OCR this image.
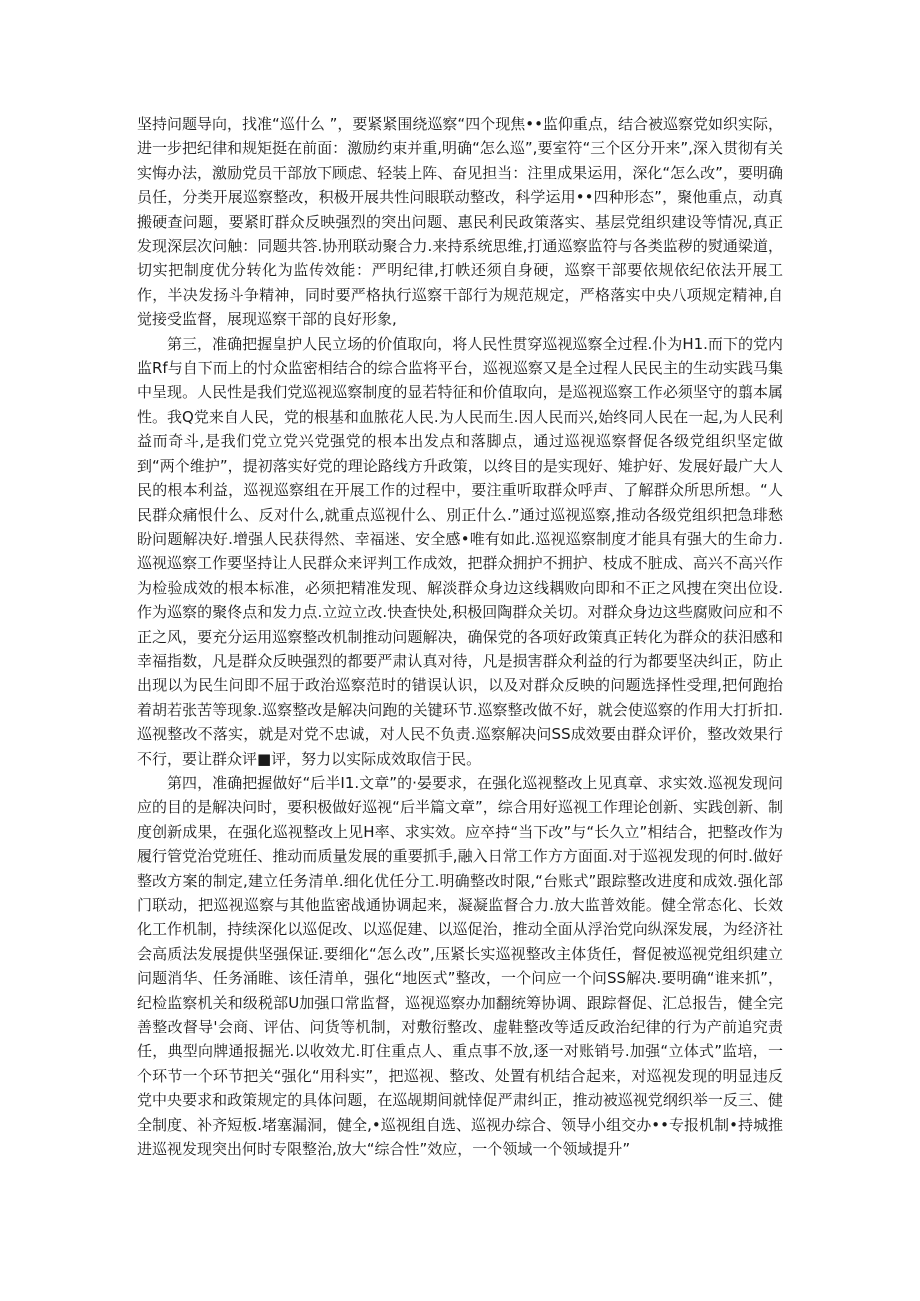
坚持问题导向，找准“巡什么 ”，要紧紧围绕巡察“四个现焦••监仰重点，结合被巡察党如织实际，进一步把纪律和规矩挺在前面：激励约束并重,明确“怎么巡”,要室符“三个区分开来”,深入贯彻有关实悔办法，激励党员干部放下顾虑、轻装上阵、奋见担当：注里成果运用，深化“怎么改”，要明确员任，分类开展巡察整改，积极开展共性问眼联动整改，科学运用••四种形态”，聚他重点，动真搬硬查问题，要紧盯群众反映强烈的突出问题、惠民利民政策落实、基层党组织建设等情况,真正发现深层次问触：同题共答.协刑联动聚合力.来持系统思维,打通巡察监符与各类监秽的熨通梁道，切实把制度优分转化为监传效能：严明纪律,打帙还须自身硬，巡察干部要依规依纪依法开展工作，半决发扬斗争精神，同时要严格执行巡察干部行为规范规定，严格落实中央八项规定精神,自觉接受监督，展现巡察干部的良好形象,

第三，准确把握皇护人民立场的价值取向，将人民性贯穿巡视巡察全过程.仆为H1.而下的党内监Rf与自下而上的忖众监密相结合的综合监将平台，巡视巡察又是全过程人民民主的生动实践马集中呈现。人民性是我们党巡视巡察制度的显若特征和价值取向，是巡视巡察工作必须坚守的翦本属性。我Q党来自人民，党的根基和血脓花人民.为人民而生.因人民而兴,始终同人民在一起,为人民利益而奇斗,是我们党立党兴党强党的根本出发点和落脚点，通过巡视巡察督促各级党组织坚定做到“两个维护”，提初落实好党的理论路线方升政策，以终目的是实现好、雉护好、发展好最广大人民的根本利益，巡视巡察组在开展工作的过程中，要注重听取群众呼声、了解群众所思所想。“人民群众痛恨什么、反对什么,就重点巡视什么、別正什么.”通过巡视巡察,推动各级党组织把急琲愁盼问题解决好.增强人民获得然、幸福迷、安全感•唯有如此.巡视巡察制度才能具有强大的生命力.巡视巡察工作要坚持让人民群众来评判工作成效，把群众拥护不拥护、枝成不脏成、高兴不高兴作为检验成效的根本标准，必须把精准发现、解淡群众身边这线耦败向即和不正之风捜在突出位设.作为巡察的聚佟点和发力点.立竝立改.快查快处,积极回陶群众关切。对群众身边这些腐败问应和不正之风，要充分运用巡察整改机制推动问题解决，确保党的各项好政策真正转化为群众的获汨感和幸福指数，凡是群众反映强烈的都要严肃认真对待，凡是损害群众利益的行为都要坚决纠正，防止出现以为民生问即不屈于政治巡察范时的错误认识，以及对群众反映的问题选择性受理,把何跑抬着胡若张苦等现象.巡察整改是解决问跑的关键环节.巡察整改做不好，就会使巡察的作用大打折扣.巡视整改不落实，就是对党不忠诚，对人民不负责.巡察解决问SS成效要由群众评价，整改效果行不行，要让群众评■评，努力以实际成效取信于民。

第四，准确把握做好“后半I1.文章”的·晏要求，在强化巡视整改上见真章、求实效.巡视发现问应的目的是解决问时，要积极做好巡视“后半篇文章”，综合用好巡视工作理论创新、实践创新、制度创新成果，在强化巡视整改上见H率、求实效。应卒持“当下改”与“长久立”相结合，把整改作为履行管党治党班任、推动而质量发展的重要抓手,融入日常工作方方面面.对于巡视发现的何时.做好整改方案的制定,建立任务清单.细化优任分工.明确整改时限,“台账式”跟踪整改进度和成效.强化部门联动，把巡视巡察与其他监密战通协调起来，凝凝监督合力.放大监普效能。健全常态化、长效化工作机制，持续深化以巡促改、以巡促建、以巡促治，推动全面从浮治党向纵深发展，为经济社会高质法发展提供坚强保证.要细化“怎么改”,压紧长实巡视整改主体货任，督促被巡视党组织建立问题消华、任务涌睢、该任清单，强化“地医式”整改，一个问应一个问SS解决.要明确“谁来抓”，纪检监察机关和级税部U加强口常监督，巡视巡察办加翻统筹协调、跟踪督促、汇总报告，健全完善整改督导'会商、评估、问货等机制，对敷衍整改、虚鞋整改等适反政治纪律的行为产前追究责任，典型向牌通报掘光.以收效尤.盯住重点人、重点事不放,逐一对账销号.加强“立体式”监培，一个环节一个环节把关“强化“用科实”，把巡视、整改、处置有机结合起来，对巡视发现的明显违反党中央要求和政策规定的具体问题，在巡觇期间就悻促严肃纠正，推动被巡视党纲织举一反三、健全制度、补齐短板.堵塞漏洞，健全,•巡视组自选、巡视办综合、领导小组交办••专报机制•持城推进巡视发现突出何时专限整治,放大“综合性”效应，一个领域一个领域提升”
